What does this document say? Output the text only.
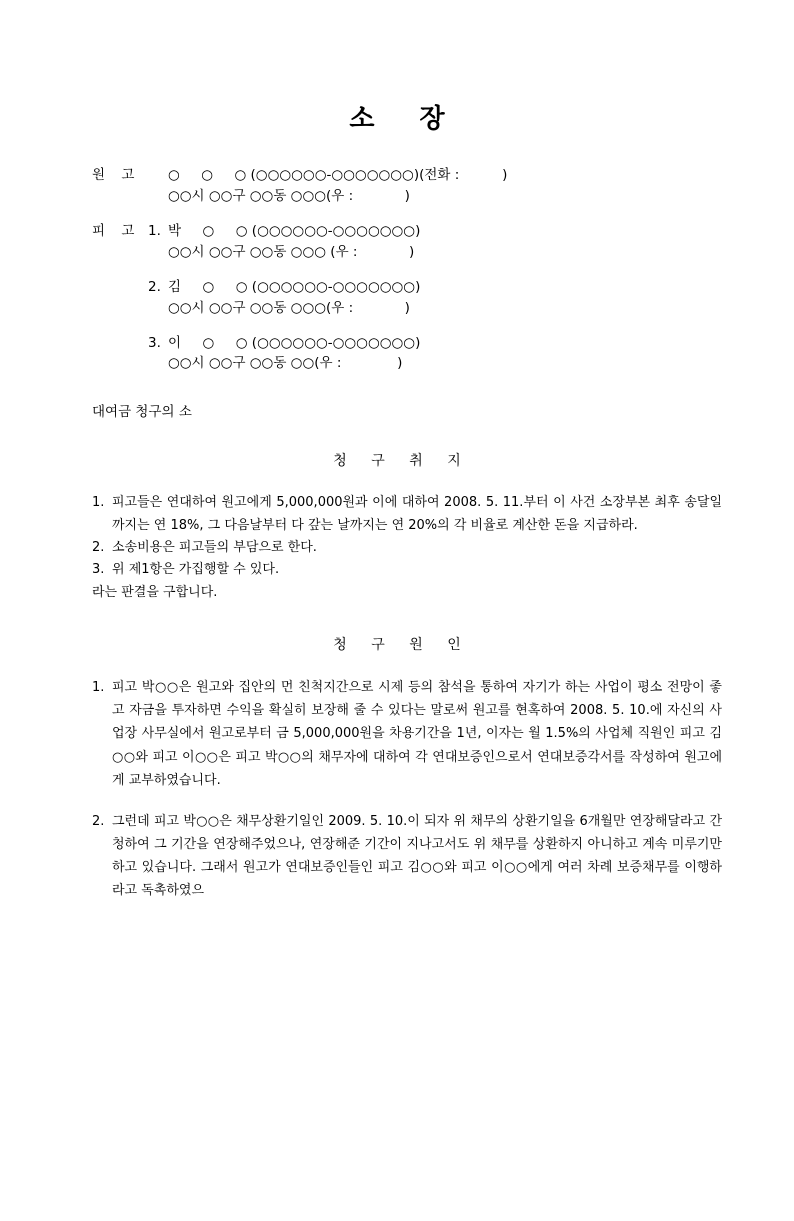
소 장
원 고	○     ○     ○ (○○○○○○-○○○○○○○)(전화 :          )
○○시 ○○구 ○○동 ○○○(우 :            )
피 고 1. 박     ○     ○ (○○○○○○-○○○○○○○)
○○시 ○○구 ○○동 ○○○ (우 :            )
2. 김     ○     ○ (○○○○○○-○○○○○○○)
○○시 ○○구 ○○동 ○○○(우 :            )
3. 이     ○     ○ (○○○○○○-○○○○○○○)
○○시 ○○구 ○○동 ○○(우 :             )
대여금 청구의 소
청 구 취 지
1. 피고들은 연대하여 원고에게 5,000,000원과 이에 대하여 2008. 5. 11.부터 이 사건 소장부본 최후 송달일까지는 연 18%, 그 다음날부터 다 갚는 날까지는 연 20%의 각 비율로 계산한 돈을 지급하라.
2. 소송비용은 피고들의 부담으로 한다.
3. 위 제1항은 가집행할 수 있다.
라는 판결을 구합니다.
청 구 원 인
1. 피고 박○○은 원고와 집안의 먼 친척지간으로 시제 등의 참석을 통하여 자기가 하는 사업이 평소 전망이 좋고 자금을 투자하면 수익을 확실히 보장해 줄 수 있다는 말로써 원고를 현혹하여 2008. 5. 10.에 자신의 사업장 사무실에서 원고로부터 금 5,000,000원을 차용기간을 1년, 이자는 월 1.5%의 사업체 직원인 피고 김○○와 피고 이○○은 피고 박○○의 채무자에 대하여 각 연대보증인으로서 연대보증각서를 작성하여 원고에게 교부하였습니다.
2. 그런데 피고 박○○은 채무상환기일인 2009. 5. 10.이 되자 위 채무의 상환기일을 6개월만 연장해달라고 간청하여 그 기간을 연장해주었으나, 연장해준 기간이 지나고서도 위 채무를 상환하지 아니하고 계속 미루기만 하고 있습니다. 그래서 원고가 연대보증인들인 피고 김○○와 피고 이○○에게 여러 차례 보증채무를 이행하라고 독촉하였으
